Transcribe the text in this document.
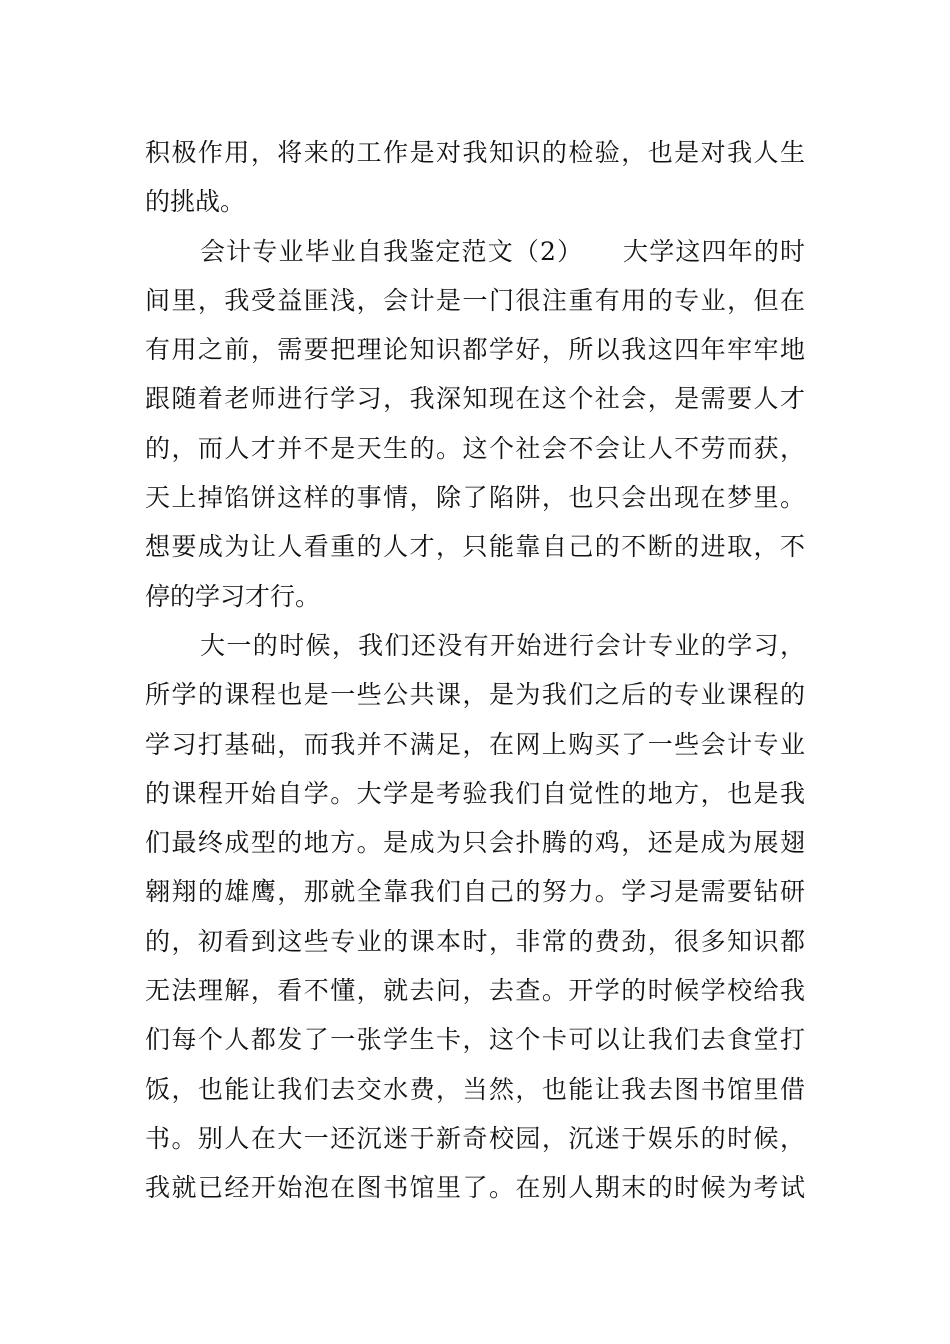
积极作用，将来的工作是对我知识的检验，也是对我人生
的挑战。
会计专业毕业自我鉴定范文（2）　　大学这四年的时
间里，我受益匪浅，会计是一门很注重有用的专业，但在
有用之前，需要把理论知识都学好，所以我这四年牢牢地
跟随着老师进行学习，我深知现在这个社会，是需要人才
的，而人才并不是天生的。这个社会不会让人不劳而获，
天上掉馅饼这样的事情，除了陷阱，也只会出现在梦里。
想要成为让人看重的人才，只能靠自己的不断的进取，不
停的学习才行。
大一的时候，我们还没有开始进行会计专业的学习，
所学的课程也是一些公共课，是为我们之后的专业课程的
学习打基础，而我并不满足，在网上购买了一些会计专业
的课程开始自学。大学是考验我们自觉性的地方，也是我
们最终成型的地方。是成为只会扑腾的鸡，还是成为展翅
翱翔的雄鹰，那就全靠我们自己的努力。学习是需要钻研
的，初看到这些专业的课本时，非常的费劲，很多知识都
无法理解，看不懂，就去问，去查。开学的时候学校给我
们每个人都发了一张学生卡，这个卡可以让我们去食堂打
饭，也能让我们去交水费，当然，也能让我去图书馆里借
书。别人在大一还沉迷于新奇校园，沉迷于娱乐的时候，
我就已经开始泡在图书馆里了。在别人期末的时候为考试
